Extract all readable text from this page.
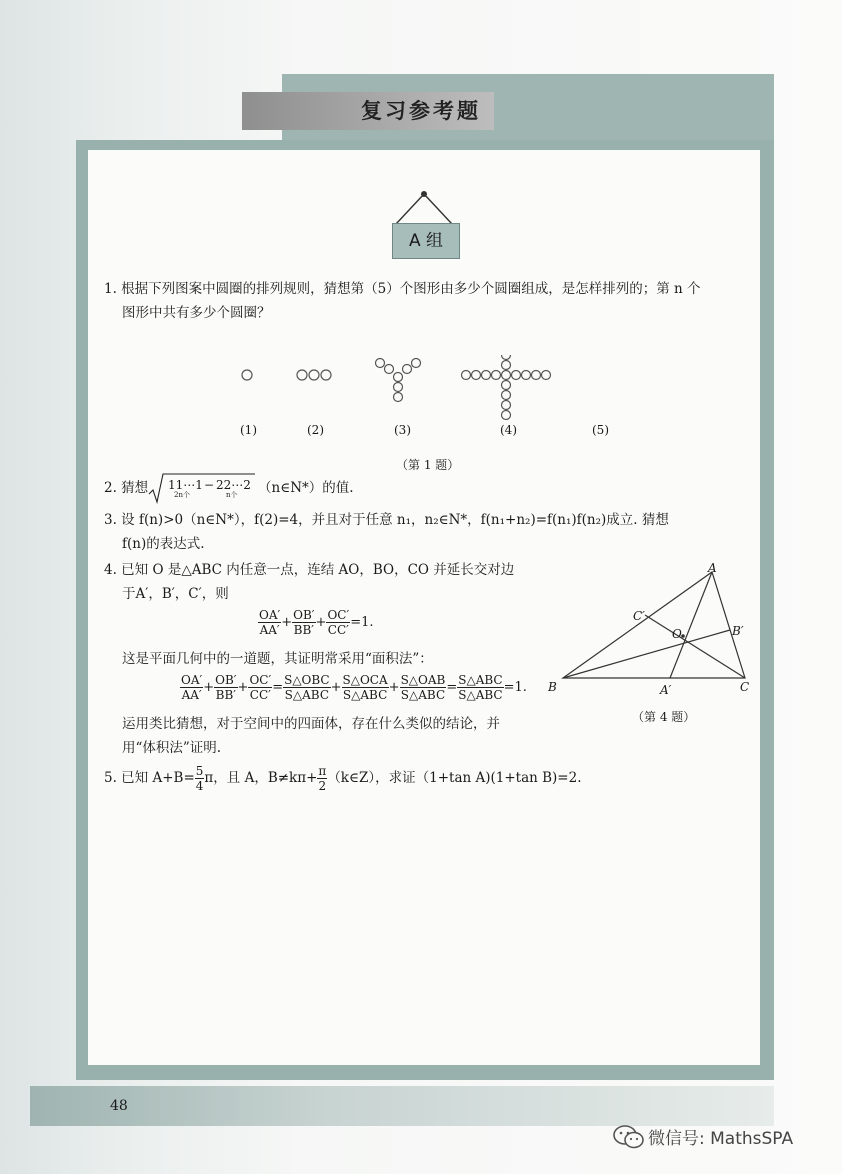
复习参考题
A 组
1. 根据下列图案中圆圈的排列规则，猜想第（5）个图形由多少个圆圈组成，是怎样排列的；第 n 个
图形中共有多少个圆圈？
(1)	(2)	(3)	(4)	(5)
（第 1 题）
2. 猜想 11⋯1
2n个
− 22⋯2
n个 （n∈N*）的值.
3. 设 f(n)>0（n∈N*），f(2)=4，并且对于任意 n₁，n₂∈N*，f(n₁+n₂)=f(n₁)f(n₂)成立. 猜想
f(n)的表达式.
4. 已知 O 是△ABC 内任意一点，连结 AO，BO，CO 并延长交对边
于A′，B′，C′，则
$\frac{OA'}{AA'} + \frac{OB'}{BB'} + \frac{OC'}{CC'} =1$.
这是平面几何中的一道题，其证明常采用“面积法”：
$\frac{OA'}{AA'} + \frac{OB'}{BB'} + \frac{OC'}{CC'} = \frac{\text{S△OBC}}{\text{S△ABC}} + \frac{\text{S△OCA}}{\text{S△ABC}} + \frac{\text{S△OAB}}{\text{S△ABC}} = \frac{\text{S△ABC}}{\text{S△ABC}} =1$.
运用类比猜想，对于空间中的四面体，存在什么类似的结论，并
用“体积法”证明.
A
B	C
O
A′
B′
C′
（第 4 题）
5. 已知 $A+B= \frac{5}{4}$ π，且 A，$B\ne k\pi+ \frac{\pi}{2}$ （k∈Z），求证（1+tan A)(1+tan B)=2.
48
微信号: MathsSPA
